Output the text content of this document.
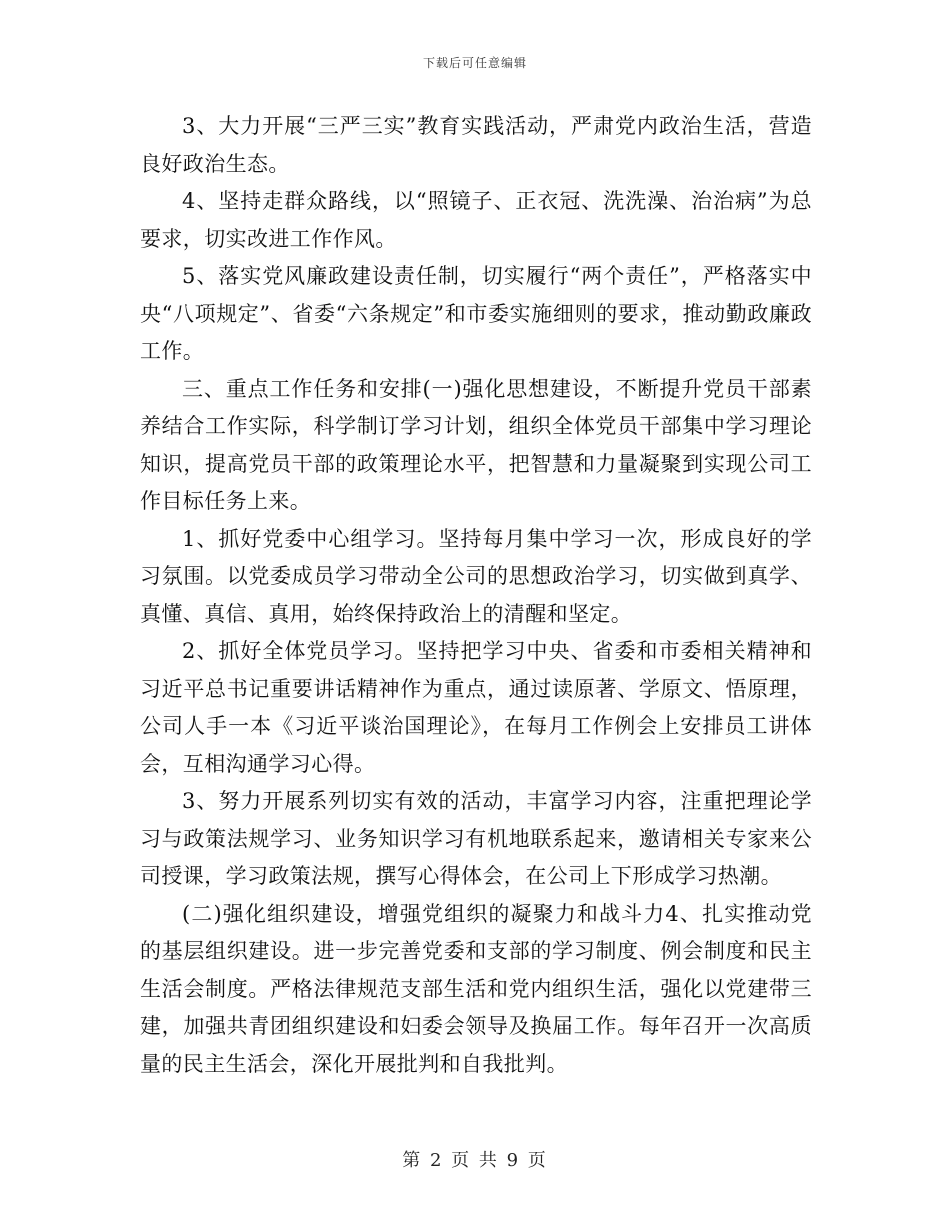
下载后可任意编辑

3、大力开展“三严三实”教育实践活动，严肃党内政治生活，营造良好政治生态。

4、坚持走群众路线，以“照镜子、正衣冠、洗洗澡、治治病”为总要求，切实改进工作作风。

5、落实党风廉政建设责任制，切实履行“两个责任”，严格落实中央“八项规定”、省委“六条规定”和市委实施细则的要求，推动勤政廉政工作。

三、重点工作任务和安排(一)强化思想建设，不断提升党员干部素养结合工作实际，科学制订学习计划，组织全体党员干部集中学习理论知识，提高党员干部的政策理论水平，把智慧和力量凝聚到实现公司工作目标任务上来。

1、抓好党委中心组学习。坚持每月集中学习一次，形成良好的学习氛围。以党委成员学习带动全公司的思想政治学习，切实做到真学、真懂、真信、真用，始终保持政治上的清醒和坚定。

2、抓好全体党员学习。坚持把学习中央、省委和市委相关精神和习近平总书记重要讲话精神作为重点，通过读原著、学原文、悟原理，公司人手一本《习近平谈治国理论》，在每月工作例会上安排员工讲体会，互相沟通学习心得。

3、努力开展系列切实有效的活动，丰富学习内容，注重把理论学习与政策法规学习、业务知识学习有机地联系起来，邀请相关专家来公司授课，学习政策法规，撰写心得体会，在公司上下形成学习热潮。

(二)强化组织建设，增强党组织的凝聚力和战斗力4、扎实推动党的基层组织建设。进一步完善党委和支部的学习制度、例会制度和民主生活会制度。严格法律规范支部生活和党内组织生活，强化以党建带三建，加强共青团组织建设和妇委会领导及换届工作。每年召开一次高质量的民主生活会，深化开展批判和自我批判。

第 2 页 共 9 页
